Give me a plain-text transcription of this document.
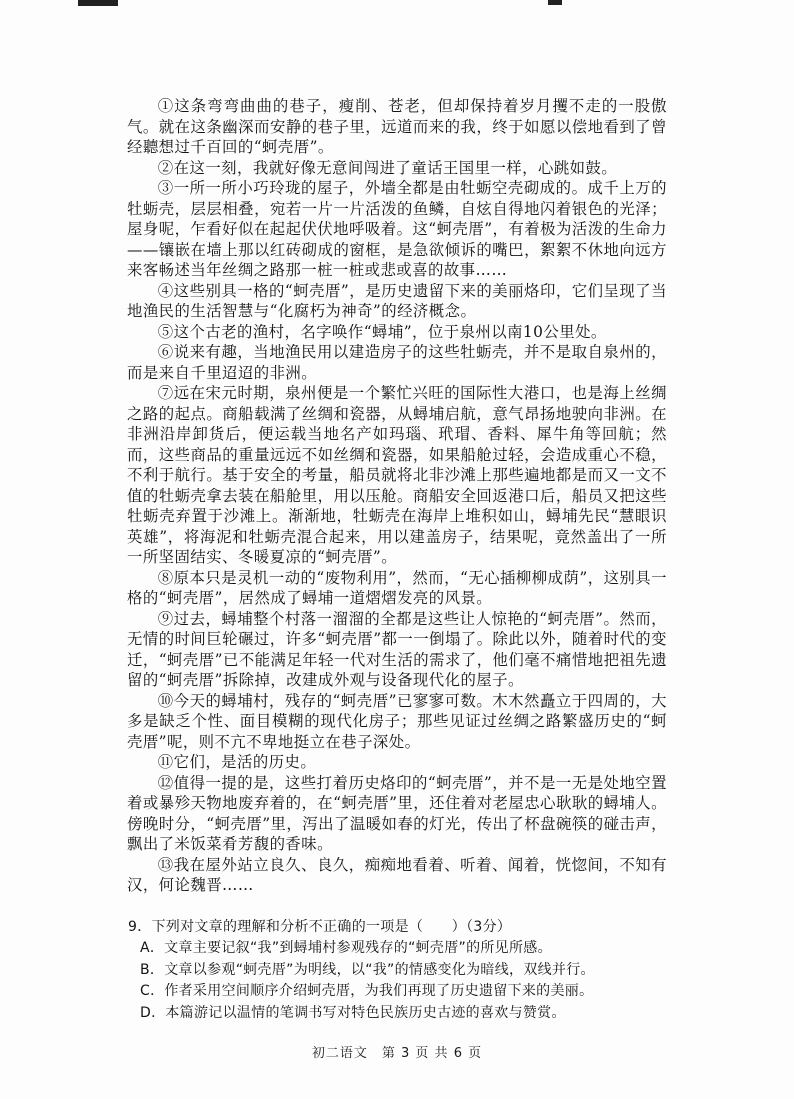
①这条弯弯曲曲的巷子，瘦削、苍老，但却保持着岁月攫不走的一股傲气。就在这条幽深而安静的巷子里，远道而来的我，终于如愿以偿地看到了曾经聽想过千百回的“蚵壳厝”。

②在这一刻，我就好像无意间闯进了童话王国里一样，心跳如鼓。

③一所一所小巧玲珑的屋子，外墙全都是由牡蛎空壳砌成的。成千上万的牡蛎壳，层层相叠，宛若一片一片活泼的鱼鳞，自炫自得地闪着银色的光泽；屋身呢，乍看好似在起起伏伏地呼吸着。这“蚵壳厝”，有着极为活泼的生命力——镶嵌在墙上那以红砖砌成的窗框，是急欲倾诉的嘴巴，絮絮不休地向远方来客畅述当年丝绸之路那一桩一桩或悲或喜的故事……

④这些别具一格的“蚵壳厝”，是历史遗留下来的美丽烙印，它们呈现了当地渔民的生活智慧与“化腐朽为神奇”的经济概念。

⑤这个古老的渔村，名字唤作“蟳埔”，位于泉州以南10公里处。

⑥说来有趣，当地渔民用以建造房子的这些牡蛎壳，并不是取自泉州的，而是来自千里迢迢的非洲。

⑦远在宋元时期，泉州便是一个繁忙兴旺的国际性大港口，也是海上丝绸之路的起点。商船载满了丝绸和瓷器，从蟳埔启航，意气昂扬地驶向非洲。在非洲沿岸卸货后，便运载当地名产如玛瑙、玳瑁、香料、犀牛角等回航；然而，这些商品的重量远远不如丝绸和瓷器，如果船舱过轻，会造成重心不稳，不利于航行。基于安全的考量，船员就将北非沙滩上那些遍地都是而又一文不值的牡蛎壳拿去装在船舱里，用以压舱。商船安全回返港口后，船员又把这些牡蛎壳弃置于沙滩上。渐渐地，牡蛎壳在海岸上堆积如山，蟳埔先民“慧眼识英雄”，将海泥和牡蛎壳混合起来，用以建盖房子，结果呢，竟然盖出了一所一所坚固结实、冬暖夏凉的“蚵壳厝”。

⑧原本只是灵机一动的“废物利用”，然而，“无心插柳柳成荫”，这别具一格的“蚵壳厝”，居然成了蟳埔一道熠熠发亮的风景。

⑨过去，蟳埔整个村落一溜溜的全都是这些让人惊艳的“蚵壳厝”。然而，无情的时间巨轮碾过，许多“蚵壳厝”都一一倒塌了。除此以外，随着时代的变迁，“蚵壳厝”已不能满足年轻一代对生活的需求了，他们毫不痛惜地把祖先遗留的“蚵壳厝”拆除掉，改建成外观与设备现代化的屋子。

⑩今天的蟳埔村，残存的“蚵壳厝”已寥寥可数。木木然矗立于四周的，大多是缺乏个性、面目模糊的现代化房子；那些见证过丝绸之路繁盛历史的“蚵壳厝”呢，则不亢不卑地挺立在巷子深处。

⑪它们，是活的历史。

⑫值得一提的是，这些打着历史烙印的“蚵壳厝”，并不是一无是处地空置着或暴殄天物地废弃着的，在“蚵壳厝”里，还住着对老屋忠心耿耿的蟳埔人。傍晚时分，“蚵壳厝”里，泻出了温暖如春的灯光，传出了杯盘碗筷的碰击声，飘出了米饭菜肴芳馥的香味。

⑬我在屋外站立良久、良久，痴痴地看着、听着、闻着，恍惚间，不知有汉，何论魏晋……

9．下列对文章的理解和分析不正确的一项是（　　）（3分）

A．文章主要记叙“我”到蟳埔村参观残存的“蚵壳厝”的所见所感。
B．文章以参观“蚵壳厝”为明线，以“我”的情感变化为暗线，双线并行。
C．作者采用空间顺序介绍蚵壳厝，为我们再现了历史遗留下来的美丽。
D．本篇游记以温情的笔调书写对特色民族历史古迹的喜欢与赞赏。
初二语文　第 3 页 共 6 页
